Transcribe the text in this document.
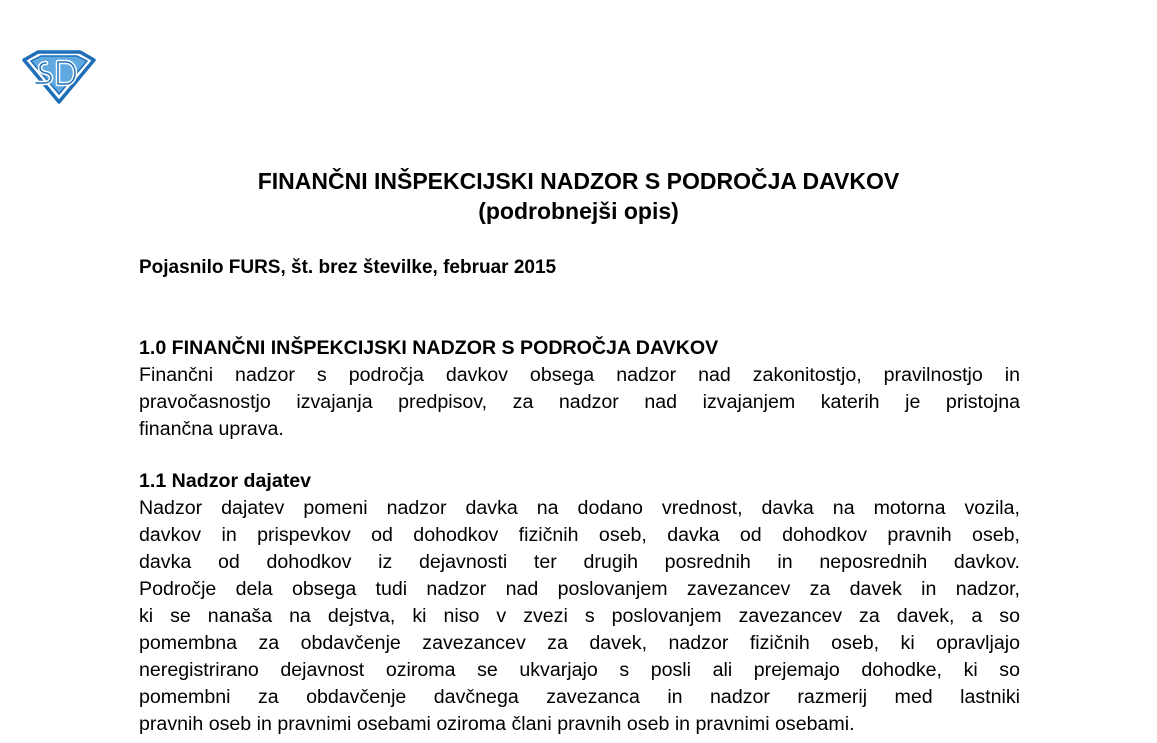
FINANČNI INŠPEKCIJSKI NADZOR S PODROČJA DAVKOV
(podrobnejši opis)
Pojasnilo FURS, št. brez številke, februar 2015
1.0 FINANČNI INŠPEKCIJSKI NADZOR S PODROČJA DAVKOV
Finančni nadzor s področja davkov obsega nadzor nad zakonitostjo, pravilnostjo in
pravočasnostjo izvajanja predpisov, za nadzor nad izvajanjem katerih je pristojna
finančna uprava.
1.1 Nadzor dajatev
Nadzor dajatev pomeni nadzor davka na dodano vrednost, davka na motorna vozila,
davkov in prispevkov od dohodkov fizičnih oseb, davka od dohodkov pravnih oseb,
davka od dohodkov iz dejavnosti ter drugih posrednih in neposrednih davkov.
Področje dela obsega tudi nadzor nad poslovanjem zavezancev za davek in nadzor,
ki se nanaša na dejstva, ki niso v zvezi s poslovanjem zavezancev za davek, a so
pomembna za obdavčenje zavezancev za davek, nadzor fizičnih oseb, ki opravljajo
neregistrirano dejavnost oziroma se ukvarjajo s posli ali prejemajo dohodke, ki so
pomembni za obdavčenje davčnega zavezanca in nadzor razmerij med lastniki
pravnih oseb in pravnimi osebami oziroma člani pravnih oseb in pravnimi osebami.
